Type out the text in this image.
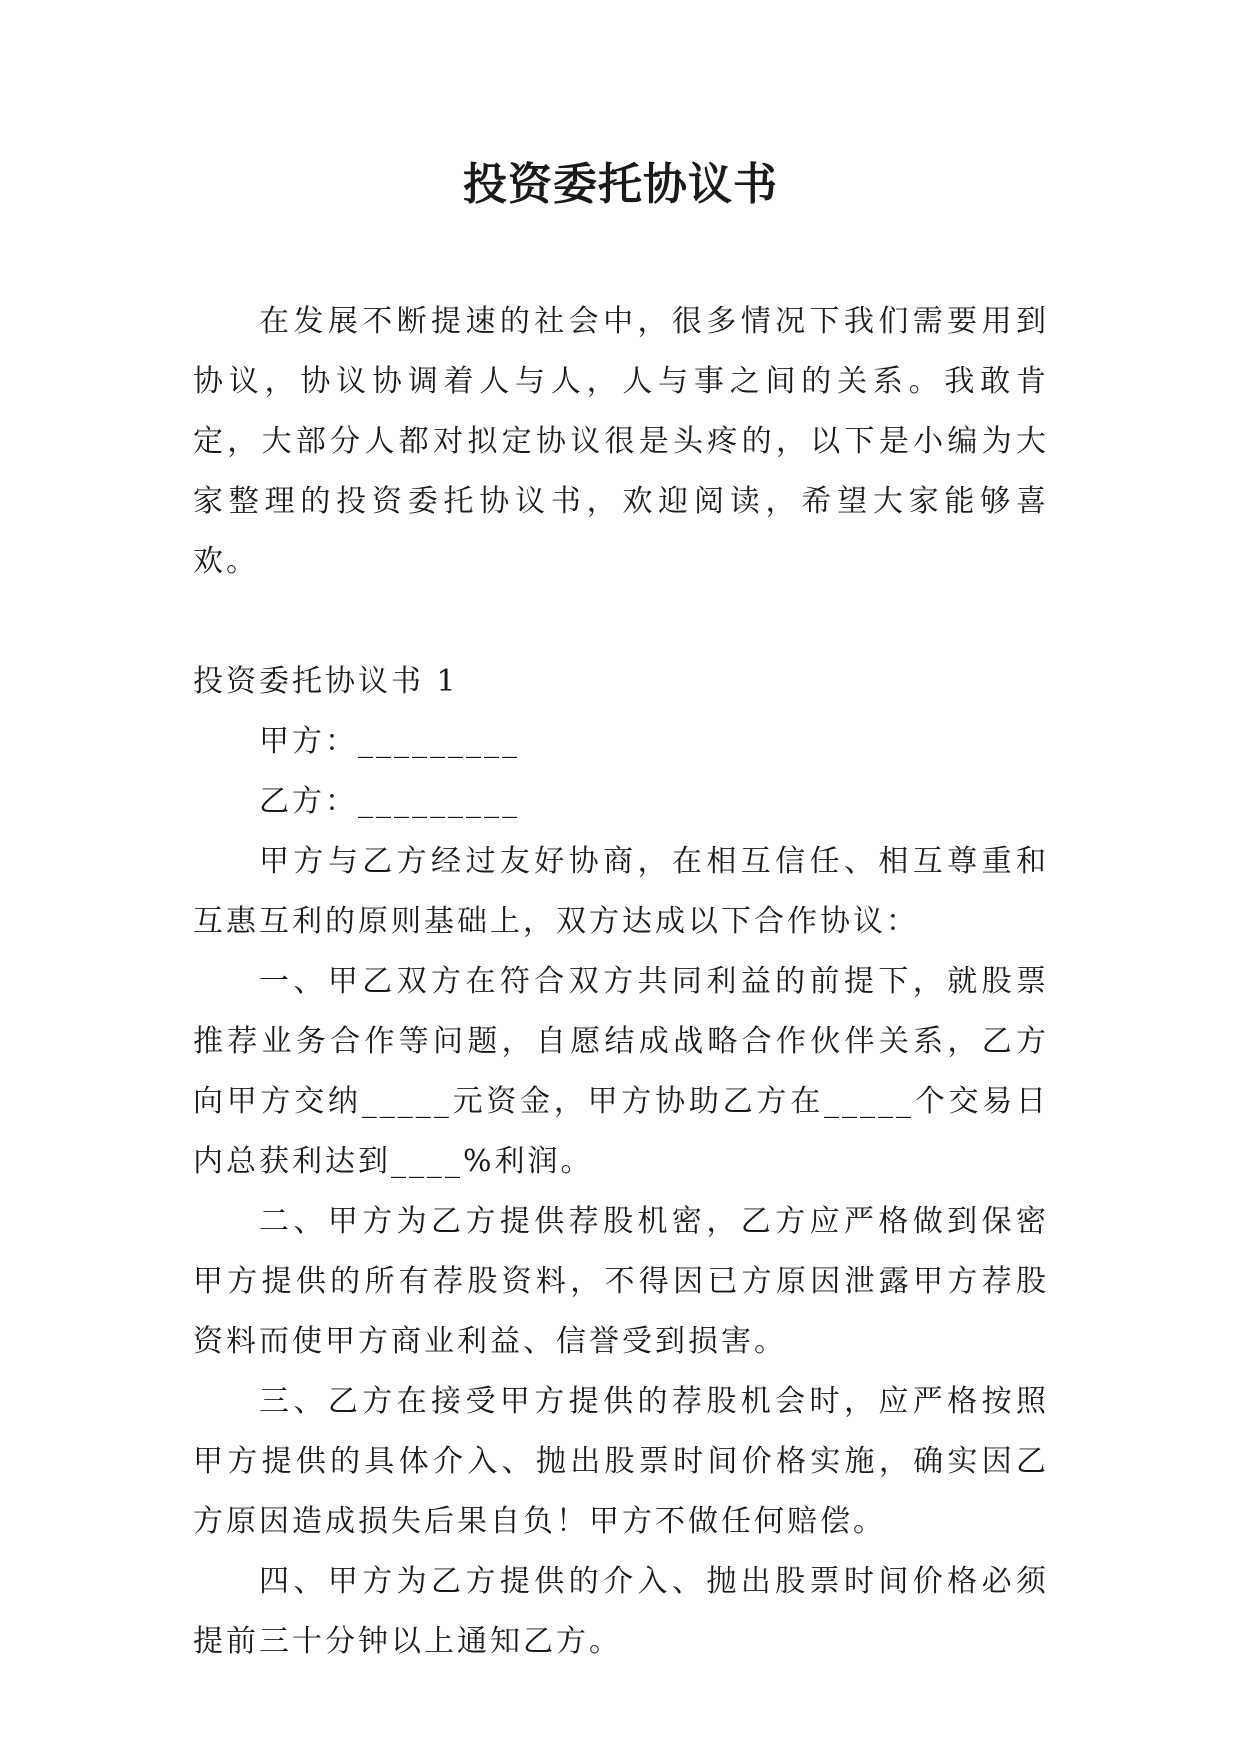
投资委托协议书

在发展不断提速的社会中，很多情况下我们需要用到协议，协议协调着人与人，人与事之间的关系。我敢肯定，大部分人都对拟定协议很是头疼的，以下是小编为大家整理的投资委托协议书，欢迎阅读，希望大家能够喜欢。

投资委托协议书 1

甲方：_________

乙方：_________

甲方与乙方经过友好协商，在相互信任、相互尊重和互惠互利的原则基础上，双方达成以下合作协议：

一、甲乙双方在符合双方共同利益的前提下，就股票推荐业务合作等问题，自愿结成战略合作伙伴关系，乙方向甲方交纳_____元资金，甲方协助乙方在_____个交易日内总获利达到____%利润。

二、甲方为乙方提供荐股机密，乙方应严格做到保密甲方提供的所有荐股资料，不得因已方原因泄露甲方荐股资料而使甲方商业利益、信誉受到损害。

三、乙方在接受甲方提供的荐股机会时，应严格按照甲方提供的具体介入、抛出股票时间价格实施，确实因乙方原因造成损失后果自负！甲方不做任何赔偿。

四、甲方为乙方提供的介入、抛出股票时间价格必须提前三十分钟以上通知乙方。
